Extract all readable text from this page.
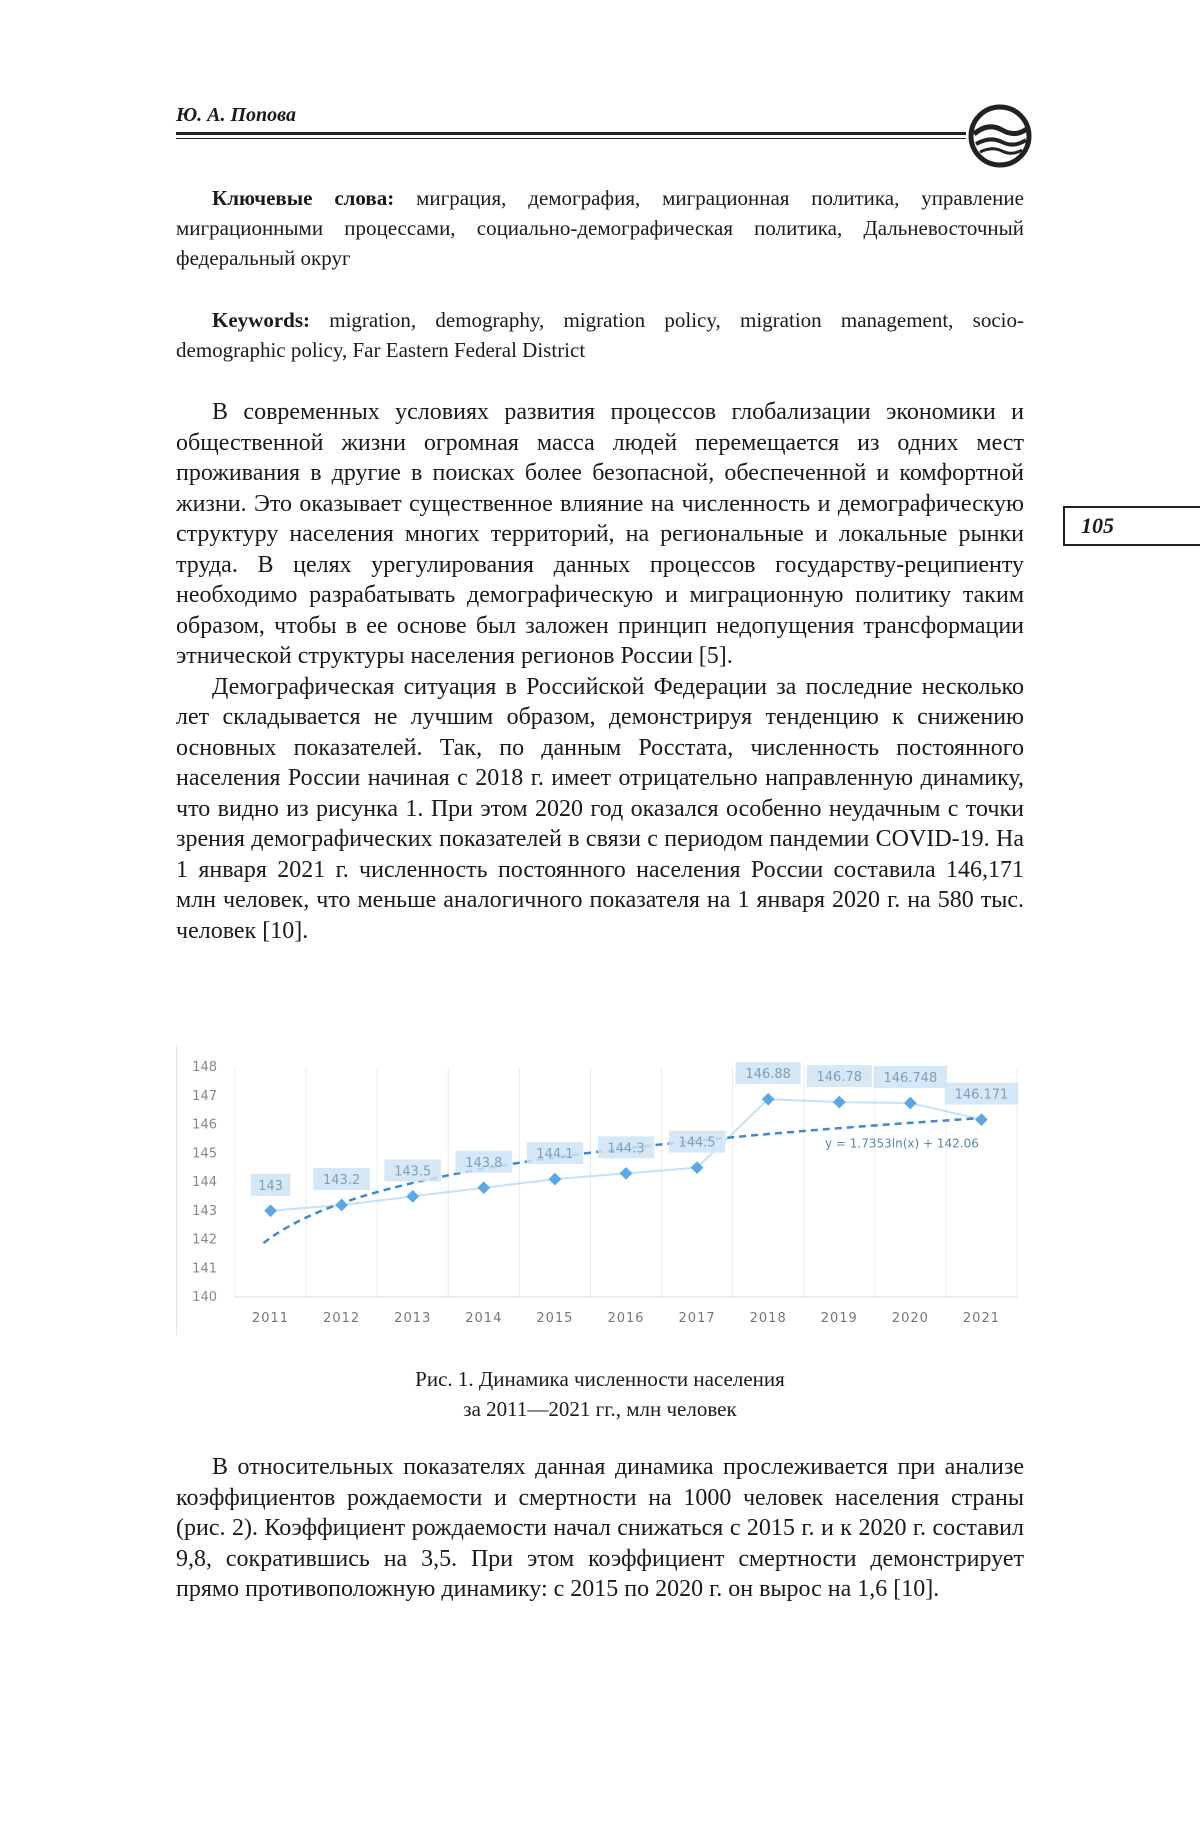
Ю. А. Попова
105

Ключевые слова: миграция, демография, миграционная политика, управление миграционными процессами, социально-демографическая политика, Дальневосточный федеральный округ

Keywords: migration, demography, migration policy, migration management, socio-demographic policy, Far Eastern Federal District

В современных условиях развития процессов глобализации экономики и общественной жизни огромная масса людей перемещается из одних мест проживания в другие в поисках более безопасной, обеспеченной и комфортной жизни. Это оказывает существенное влияние на численность и демографическую структуру населения многих территорий, на региональные и локальные рынки труда. В целях урегулирования данных процессов государству-реципиенту необходимо разрабатывать демографическую и миграционную политику таким образом, чтобы в ее основе был заложен принцип недопущения трансформации этнической структуры населения регионов России [5].

Демографическая ситуация в Российской Федерации за последние несколько лет складывается не лучшим образом, демонстрируя тенденцию к снижению основных показателей. Так, по данным Росстата, численность постоянного населения России начиная с 2018 г. имеет отрицательно направленную динамику, что видно из рисунка 1. При этом 2020 год оказался особенно неудачным с точки зрения демографических показателей в связи с периодом пандемии COVID-19. На 1 января 2021 г. численность постоянного населения России составила 146,171 млн человек, что меньше аналогичного показателя на 1 января 2020 г. на 580 тыс. человек [10].

140
141
142
143
144
145
146
147
148
2011	2012	2013	2014	2015	2016	2017	2018	2019	2020	2021
143	143.2
143.5
143.8
144.1	144.3	144.5
146.88 146.78 146.748
146.171
y = 1.7353ln(x) + 142.06
Рис. 1. Динамика численности населения
за 2011—2021 гг., млн человек

В относительных показателях данная динамика прослеживается при анализе коэффициентов рождаемости и смертности на 1000 человек населения страны (рис. 2). Коэффициент рождаемости начал снижаться с 2015 г. и к 2020 г. составил 9,8, сократившись на 3,5. При этом коэффициент смертности демонстрирует прямо противоположную динамику: с 2015 по 2020 г. он вырос на 1,6 [10].
